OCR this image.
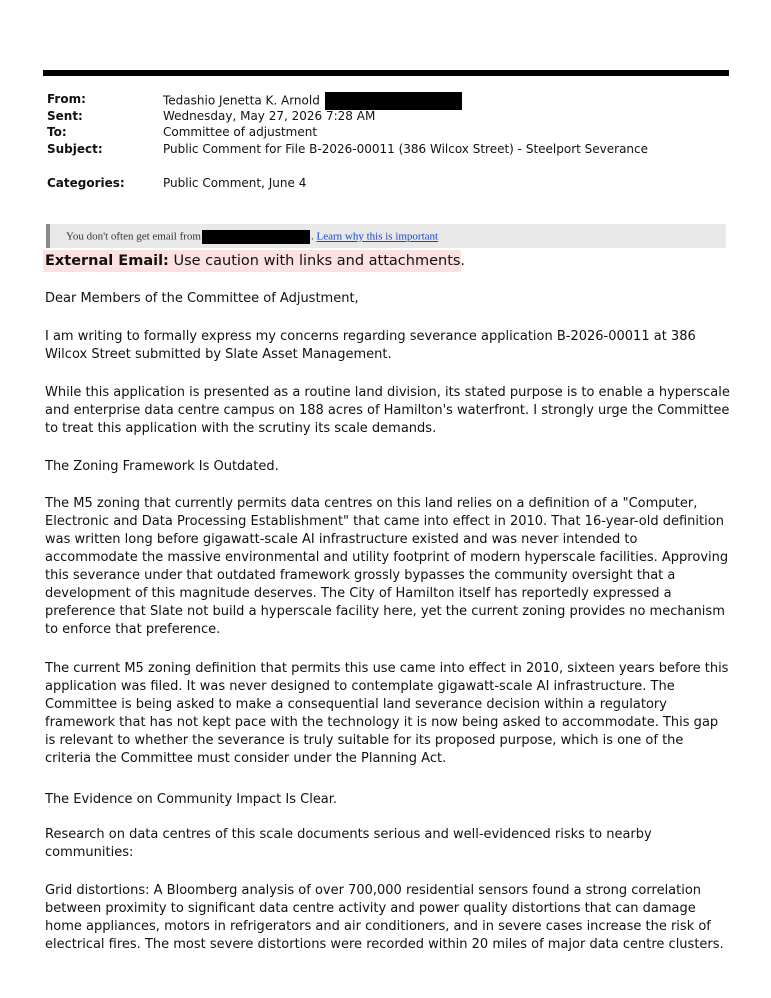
From:	Tedashio Jenetta K. Arnold
Sent:	Wednesday, May 27, 2026 7:28 AM
To:	Committee of adjustment
Subject:	Public Comment for File B-2026-00011 (386 Wilcox Street) - Steelport Severance
Categories:	Public Comment, June 4
You don't often get email from	. Learn why this is important
External Email: Use caution with links and attachments.

Dear Members of the Committee of Adjustment,

I am writing to formally express my concerns regarding severance application B-2026-00011 at 386 Wilcox Street submitted by Slate Asset Management.

While this application is presented as a routine land division, its stated purpose is to enable a hyperscale and enterprise data centre campus on 188 acres of Hamilton's waterfront. I strongly urge the Committee to treat this application with the scrutiny its scale demands.

The Zoning Framework Is Outdated.

The M5 zoning that currently permits data centres on this land relies on a definition of a "Computer, Electronic and Data Processing Establishment" that came into effect in 2010. That 16-year-old definition was written long before gigawatt-scale AI infrastructure existed and was never intended to accommodate the massive environmental and utility footprint of modern hyperscale facilities. Approving this severance under that outdated framework grossly bypasses the community oversight that a development of this magnitude deserves. The City of Hamilton itself has reportedly expressed a preference that Slate not build a hyperscale facility here, yet the current zoning provides no mechanism to enforce that preference.

The current M5 zoning definition that permits this use came into effect in 2010, sixteen years before this application was filed. It was never designed to contemplate gigawatt-scale AI infrastructure. The Committee is being asked to make a consequential land severance decision within a regulatory framework that has not kept pace with the technology it is now being asked to accommodate. This gap is relevant to whether the severance is truly suitable for its proposed purpose, which is one of the criteria the Committee must consider under the Planning Act.

The Evidence on Community Impact Is Clear.

Research on data centres of this scale documents serious and well-evidenced risks to nearby communities:

Grid distortions: A Bloomberg analysis of over 700,000 residential sensors found a strong correlation between proximity to significant data centre activity and power quality distortions that can damage home appliances, motors in refrigerators and air conditioners, and in severe cases increase the risk of electrical fires. The most severe distortions were recorded within 20 miles of major data centre clusters.
